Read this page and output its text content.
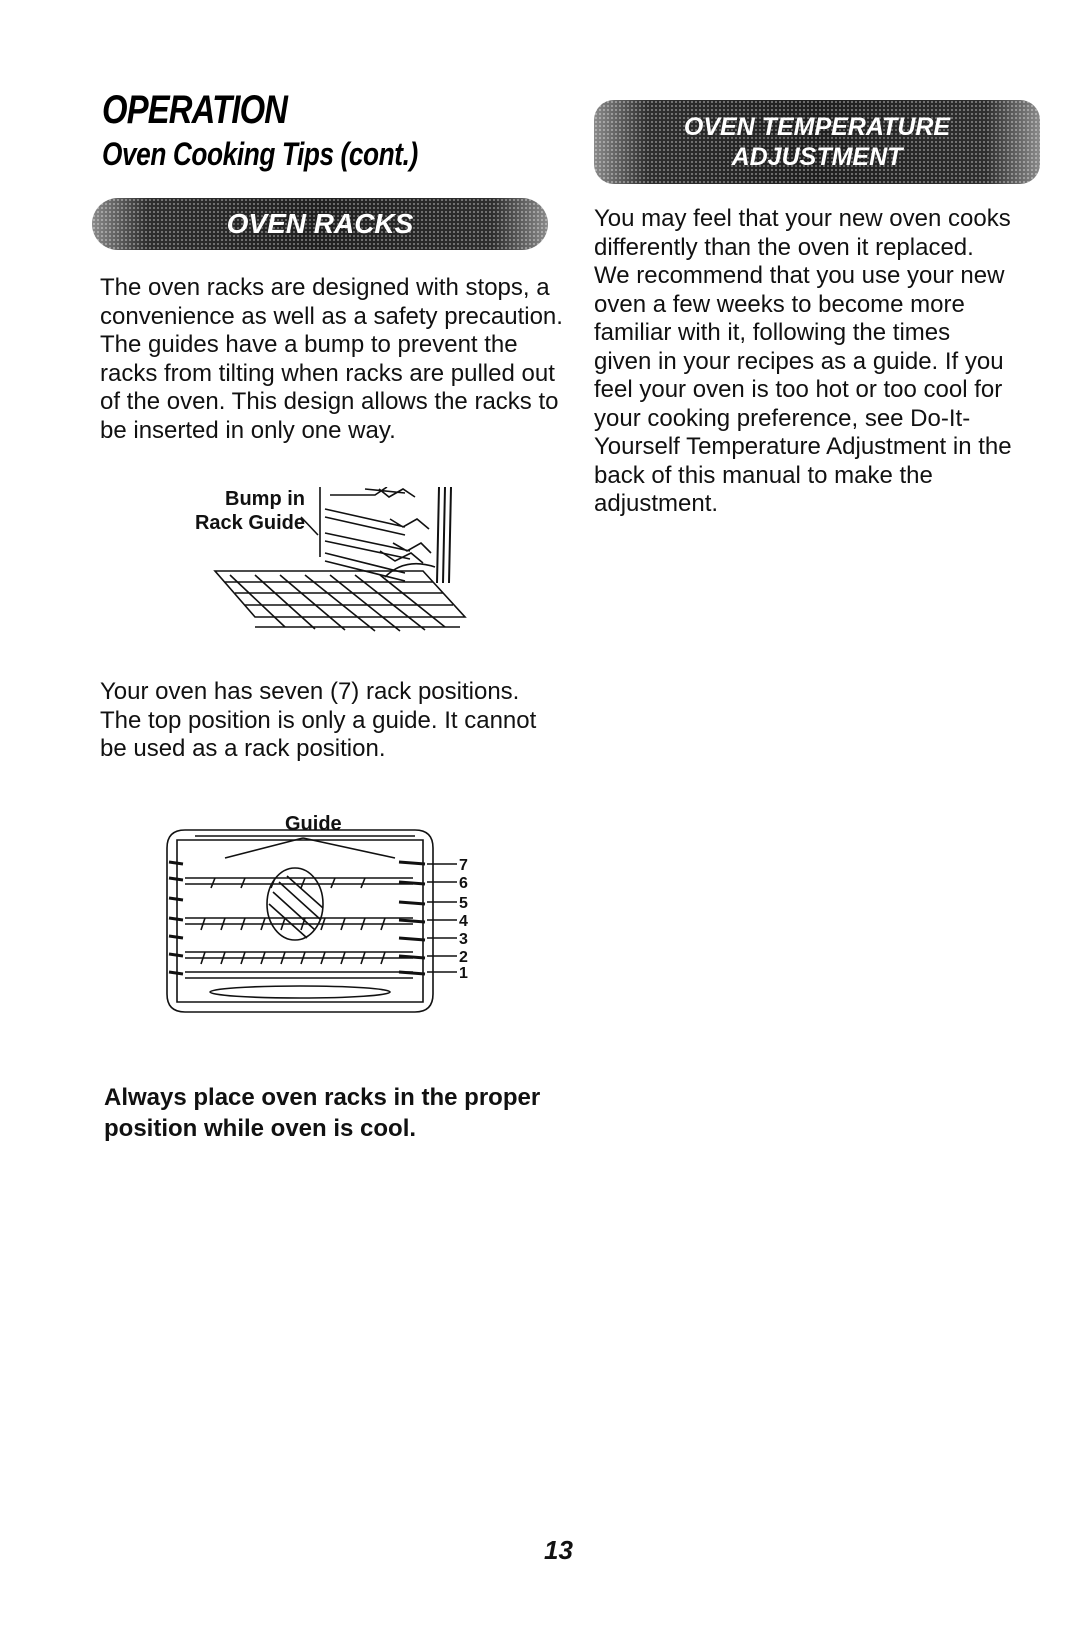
OPERATION
Oven Cooking Tips (cont.)
OVEN RACKS
The oven racks are designed with stops, a convenience as well as a safety precaution. The guides have a bump to prevent the racks from tilting when racks are pulled out of the oven. This design allows the racks to be inserted in only one way.
Bump in
Rack Guide
Your oven has seven (7) rack positions. The top position is only a guide. It cannot be used as a rack position.
Guide
7
6
5
4
3
2
1
Always place oven racks in the proper position while oven is cool.
OVEN TEMPERATURE
ADJUSTMENT
You may feel that your new oven cooks differently than the oven it replaced. We recommend that you use your new oven a few weeks to become more familiar with it, following the times given in your recipes as a guide. If you feel your oven is too hot or too cool for your cooking preference, see Do-It-Yourself Temperature Adjustment in the back of this manual to make the adjustment.
13
